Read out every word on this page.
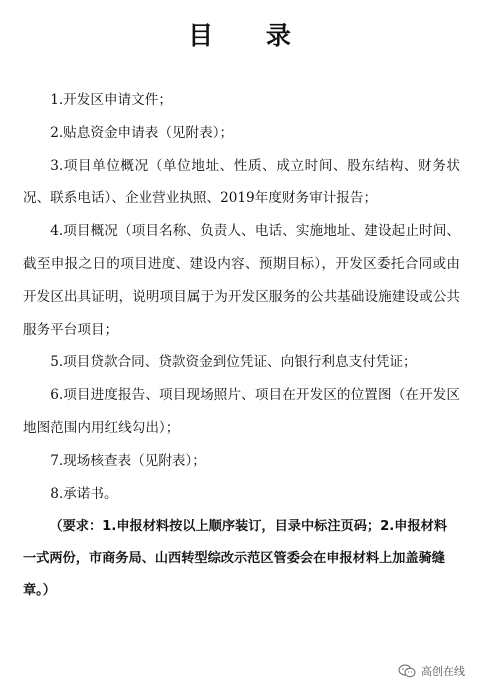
目 录

1.开发区申请文件；

2.贴息资金申请表（见附表）；

3.项目单位概况（单位地址、性质、成立时间、股东结构、财务状况、联系电话）、企业营业执照、2019年度财务审计报告；

4.项目概况（项目名称、负责人、电话、实施地址、建设起止时间、截至申报之日的项目进度、建设内容、预期目标），开发区委托合同或由开发区出具证明，说明项目属于为开发区服务的公共基础设施建设或公共服务平台项目；

5.项目贷款合同、贷款资金到位凭证、向银行利息支付凭证；

6.项目进度报告、项目现场照片、项目在开发区的位置图（在开发区地图范围内用红线勾出）；

7.现场核查表（见附表）；

8.承诺书。

（要求：1.申报材料按以上顺序装订，目录中标注页码；2.申报材料一式两份，市商务局、山西转型综改示范区管委会在申报材料上加盖骑缝章。）

高创在线
